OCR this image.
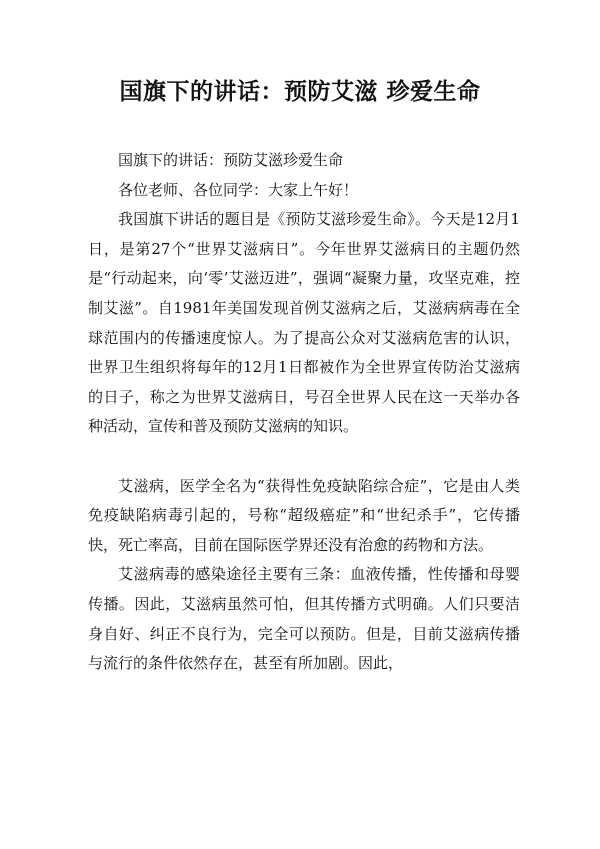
国旗下的讲话：预防艾滋 珍爱生命

国旗下的讲话：预防艾滋珍爱生命

各位老师、各位同学：大家上午好！

我国旗下讲话的题目是《预防艾滋珍爱生命》。今天是12月1日，是第27个“世界艾滋病日”。今年世界艾滋病日的主题仍然是“行动起来，向‘零’艾滋迈进”，强调“凝聚力量，攻坚克难，控制艾滋”。自1981年美国发现首例艾滋病之后，艾滋病病毒在全球范围内的传播速度惊人。为了提高公众对艾滋病危害的认识，世界卫生组织将每年的12月1日都被作为全世界宣传防治艾滋病的日子，称之为世界艾滋病日，号召全世界人民在这一天举办各种活动，宣传和普及预防艾滋病的知识。

艾滋病，医学全名为“获得性免疫缺陷综合症”，它是由人类免疫缺陷病毒引起的，号称“超级癌症”和“世纪杀手”，它传播快，死亡率高，目前在国际医学界还没有治愈的药物和方法。

艾滋病毒的感染途径主要有三条：血液传播，性传播和母婴传播。因此，艾滋病虽然可怕，但其传播方式明确。人们只要洁身自好、纠正不良行为，完全可以预防。但是，目前艾滋病传播与流行的条件依然存在，甚至有所加剧。因此，
